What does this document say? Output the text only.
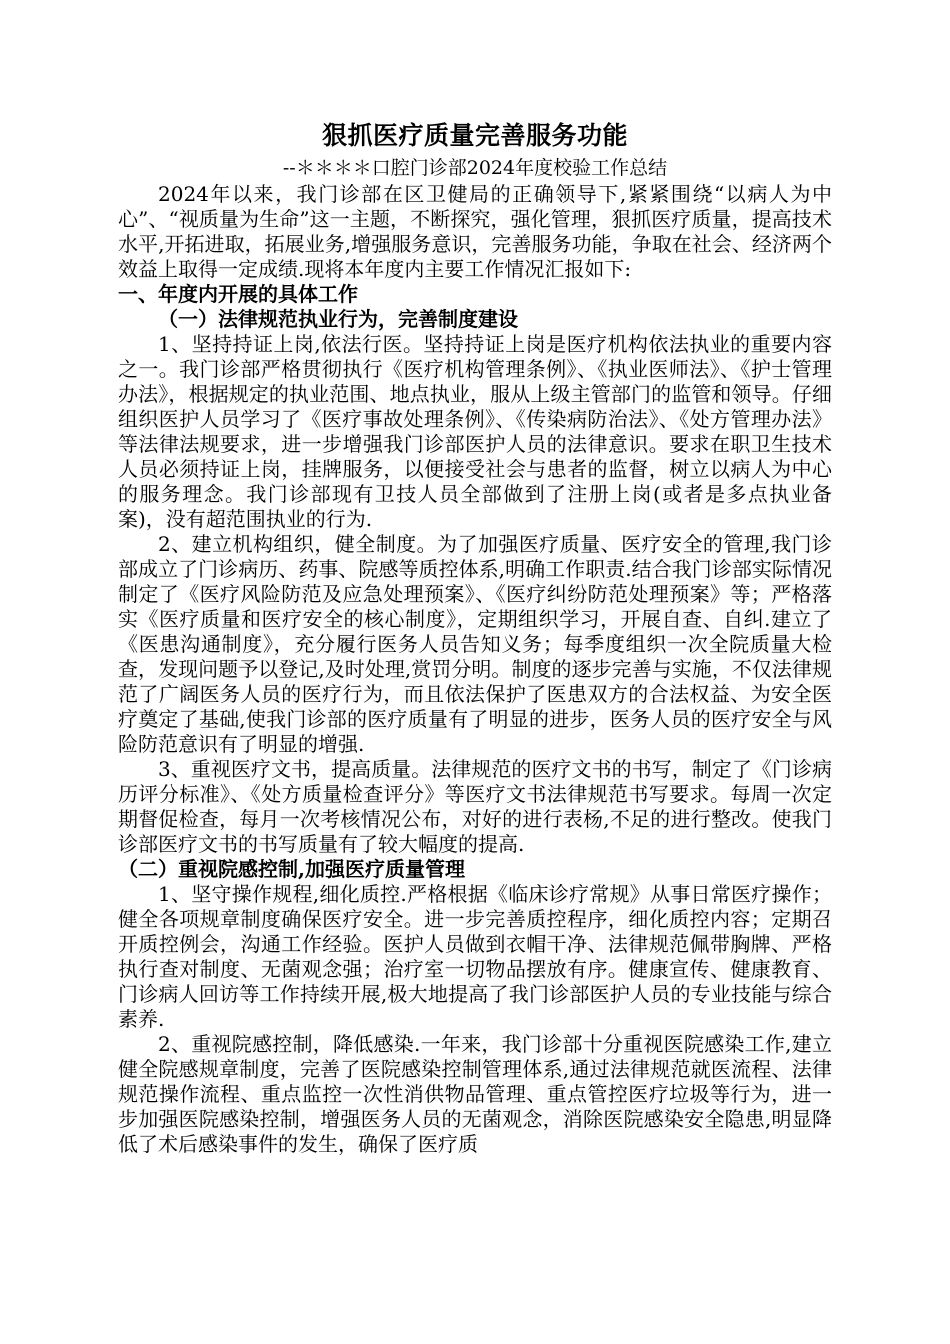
狠抓医疗质量完善服务功能

--＊＊＊＊口腔门诊部2024年度校验工作总结

2024年以来，我门诊部在区卫健局的正确领导下,紧紧围绕“以病人为中心”、“视质量为生命”这一主题，不断探究，强化管理，狠抓医疗质量，提高技术水平,开拓进取，拓展业务,增强服务意识，完善服务功能，争取在社会、经济两个效益上取得一定成绩.现将本年度内主要工作情况汇报如下:

一、年度内开展的具体工作

（一）法律规范执业行为，完善制度建设

1、坚持持证上岗,依法行医。坚持持证上岗是医疗机构依法执业的重要内容之一。我门诊部严格贯彻执行《医疗机构管理条例》、《执业医师法》、《护士管理办法》，根据规定的执业范围、地点执业，服从上级主管部门的监管和领导。仔细组织医护人员学习了《医疗事故处理条例》、《传染病防治法》、《处方管理办法》等法律法规要求，进一步增强我门诊部医护人员的法律意识。要求在职卫生技术人员必须持证上岗，挂牌服务，以便接受社会与患者的监督，树立以病人为中心的服务理念。我门诊部现有卫技人员全部做到了注册上岗(或者是多点执业备案)，没有超范围执业的行为.

2、建立机构组织，健全制度。为了加强医疗质量、医疗安全的管理,我门诊部成立了门诊病历、药事、院感等质控体系,明确工作职责.结合我门诊部实际情况制定了《医疗风险防范及应急处理预案》、《医疗纠纷防范处理预案》等；严格落实《医疗质量和医疗安全的核心制度》，定期组织学习，开展自查、自纠.建立了《医患沟通制度》，充分履行医务人员告知义务；每季度组织一次全院质量大检查，发现问题予以登记,及时处理,赏罚分明。制度的逐步完善与实施，不仅法律规范了广阔医务人员的医疗行为，而且依法保护了医患双方的合法权益、为安全医疗奠定了基础,使我门诊部的医疗质量有了明显的进步，医务人员的医疗安全与风险防范意识有了明显的增强.

3、重视医疗文书，提高质量。法律规范的医疗文书的书写，制定了《门诊病历评分标准》、《处方质量检查评分》等医疗文书法律规范书写要求。每周一次定期督促检查，每月一次考核情况公布，对好的进行表杨,不足的进行整改。使我门诊部医疗文书的书写质量有了较大幅度的提高.

（二）重视院感控制,加强医疗质量管理

1、坚守操作规程,细化质控.严格根据《临床诊疗常规》从事日常医疗操作；健全各项规章制度确保医疗安全。进一步完善质控程序，细化质控内容；定期召开质控例会，沟通工作经验。医护人员做到衣帽干净、法律规范佩带胸牌、严格执行查对制度、无菌观念强；治疗室一切物品摆放有序。健康宣传、健康教育、门诊病人回访等工作持续开展,极大地提高了我门诊部医护人员的专业技能与综合素养.

2、重视院感控制，降低感染.一年来，我门诊部十分重视医院感染工作,建立健全院感规章制度，完善了医院感染控制管理体系,通过法律规范就医流程、法律规范操作流程、重点监控一次性消供物品管理、重点管控医疗垃圾等行为，进一步加强医院感染控制，增强医务人员的无菌观念，消除医院感染安全隐患,明显降低了术后感染事件的发生，确保了医疗质
